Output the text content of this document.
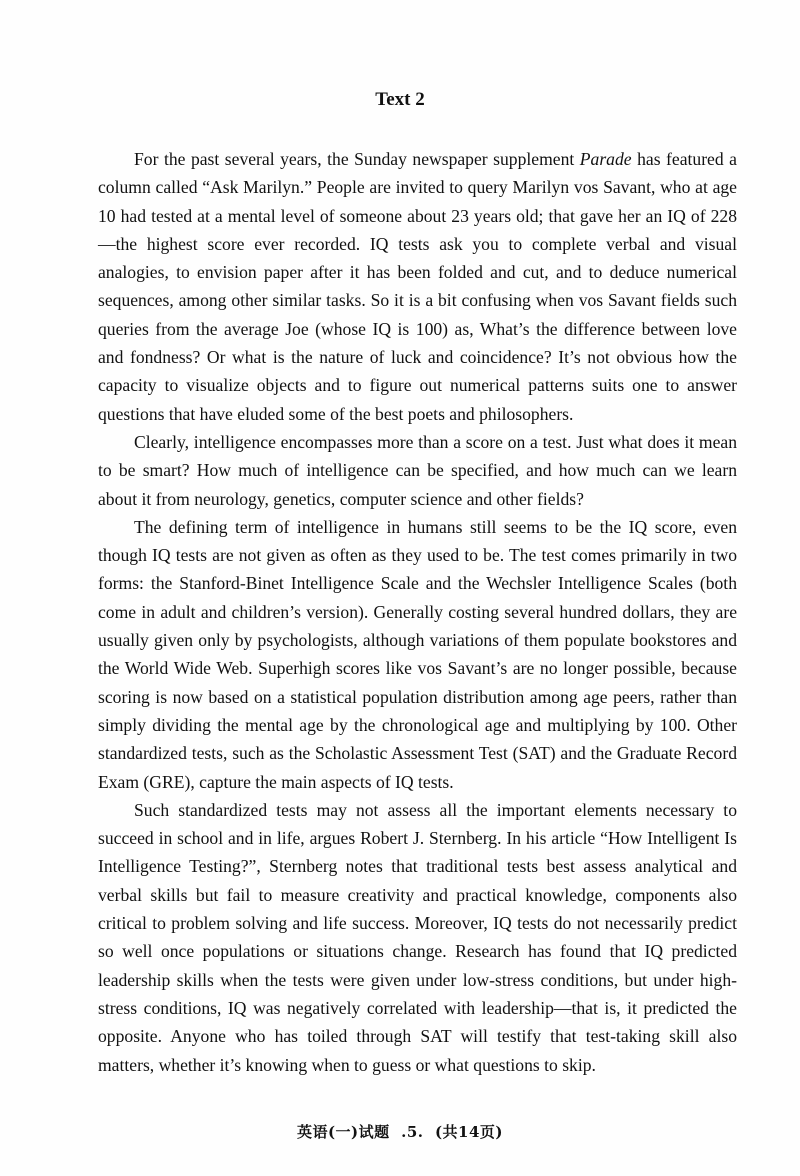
Text 2

For the past several years, the Sunday newspaper supplement Parade has featured a column called “Ask Marilyn.” People are invited to query Marilyn vos Savant, who at age 10 had tested at a mental level of someone about 23 years old; that gave her an IQ of 228—the highest score ever recorded. IQ tests ask you to complete verbal and visual analogies, to envision paper after it has been folded and cut, and to deduce numerical sequences, among other similar tasks. So it is a bit confusing when vos Savant fields such queries from the average Joe (whose IQ is 100) as, What’s the difference between love and fondness? Or what is the nature of luck and coincidence? It’s not obvious how the capacity to visualize objects and to figure out numerical patterns suits one to answer questions that have eluded some of the best poets and philosophers.

Clearly, intelligence encompasses more than a score on a test. Just what does it mean to be smart? How much of intelligence can be specified, and how much can we learn about it from neurology, genetics, computer science and other fields?

The defining term of intelligence in humans still seems to be the IQ score, even though IQ tests are not given as often as they used to be. The test comes primarily in two forms: the Stanford-Binet Intelligence Scale and the Wechsler Intelligence Scales (both come in adult and children’s version). Generally costing several hundred dollars, they are usually given only by psychologists, although variations of them populate bookstores and the World Wide Web. Superhigh scores like vos Savant’s are no longer possible, because scoring is now based on a statistical population distribution among age peers, rather than simply dividing the mental age by the chronological age and multiplying by 100. Other standardized tests, such as the Scholastic Assessment Test (SAT) and the Graduate Record Exam (GRE), capture the main aspects of IQ tests.

Such standardized tests may not assess all the important elements necessary to succeed in school and in life, argues Robert J. Sternberg. In his article “How Intelligent Is Intelligence Testing?”, Sternberg notes that traditional tests best assess analytical and verbal skills but fail to measure creativity and practical knowledge, components also critical to problem solving and life success. Moreover, IQ tests do not necessarily predict so well once populations or situations change. Research has found that IQ predicted leadership skills when the tests were given under low-stress conditions, but under high-stress conditions, IQ was negatively correlated with leadership—that is, it predicted the opposite. Anyone who has toiled through SAT will testify that test-taking skill also matters, whether it’s knowing when to guess or what questions to skip.

英语(一)试题 .5. (共14页)
